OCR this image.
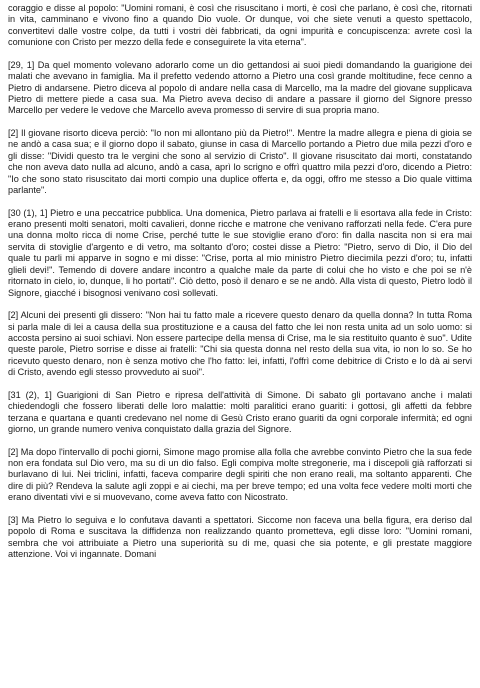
coraggio e disse al popolo: "Uomini romani, è così che risuscitano i morti, è così che parlano, è così che, ritornati in vita, camminano e vivono fino a quando Dio vuole. Or dunque, voi che siete venuti a questo spettacolo, convertitevi dalle vostre colpe, da tutti i vostri dèi fabbricati, da ogni impurità e concupiscenza: avrete così la comunione con Cristo per mezzo della fede e conseguirete la vita eterna".

[29, 1] Da quel momento volevano adorarlo come un dio gettandosi ai suoi piedi domandando la guarigione dei malati che avevano in famiglia. Ma il prefetto vedendo attorno a Pietro una così grande moltitudine, fece cenno a Pietro di andarsene. Pietro diceva al popolo di andare nella casa di Marcello, ma la madre del giovane supplicava Pietro di mettere piede a casa sua. Ma Pietro aveva deciso di andare a passare il giorno del Signore presso Marcello per vedere le vedove che Marcello aveva promesso di servire di sua propria mano.

[2] Il giovane risorto diceva perciò: "Io non mi allontano più da Pietro!". Mentre la madre allegra e piena di gioia se ne andò a casa sua; e il giorno dopo il sabato, giunse in casa di Marcello portando a Pietro due mila pezzi d'oro e gli disse: "Dividi questo tra le vergini che sono al servizio di Cristo". Il giovane risuscitato dai morti, constatando che non aveva dato nulla ad alcuno, andò a casa, aprì lo scrigno e offrì quattro mila pezzi d'oro, dicendo a Pietro: "Io che sono stato risuscitato dai morti compio una duplice offerta e, da oggi, offro me stesso a Dio quale vittima parlante".

[30 (1), 1] Pietro e una peccatrice pubblica. Una domenica, Pietro parlava ai fratelli e li esortava alla fede in Cristo: erano presenti molti senatori, molti cavalieri, donne ricche e matrone che venivano rafforzati nella fede. C'era pure una donna molto ricca di nome Crise, perché tutte le sue stoviglie erano d'oro: fin dalla nascita non si era mai servita di stoviglie d'argento e di vetro, ma soltanto d'oro; costei disse a Pietro: "Pietro, servo di Dio, il Dio del quale tu parli mi apparve in sogno e mi disse: "Crise, porta al mio ministro Pietro diecimila pezzi d'oro; tu, infatti glieli devi!". Temendo di dovere andare incontro a qualche male da parte di colui che ho visto e che poi se n'è ritornato in cielo, io, dunque, li ho portati". Ciò detto, posò il denaro e se ne andò. Alla vista di questo, Pietro lodò il Signore, giacché i bisognosi venivano così sollevati.

[2] Alcuni dei presenti gli dissero: "Non hai tu fatto male a ricevere questo denaro da quella donna? In tutta Roma si parla male di lei a causa della sua prostituzione e a causa del fatto che lei non resta unita ad un solo uomo: si accosta persino ai suoi schiavi. Non essere partecipe della mensa di Crise, ma le sia restituito quanto è suo". Udite queste parole, Pietro sorrise e disse ai fratelli: "Chi sia questa donna nel resto della sua vita, io non lo so. Se ho ricevuto questo denaro, non è senza motivo che l'ho fatto: lei, infatti, l'offrì come debitrice di Cristo e lo dà ai servi di Cristo, avendo egli stesso provveduto ai suoi".

[31 (2), 1] Guarigioni di San Pietro e ripresa dell'attività di Simone. Di sabato gli portavano anche i malati chiedendogli che fossero liberati delle loro malattie: molti paralitici erano guariti: i gottosi, gli affetti da febbre terzana e quartana e quanti credevano nel nome di Gesù Cristo erano guariti da ogni corporale infermità; ed ogni giorno, un grande numero veniva conquistato dalla grazia del Signore.

[2] Ma dopo l'intervallo di pochi giorni, Simone mago promise alla folla che avrebbe convinto Pietro che la sua fede non era fondata sul Dio vero, ma su di un dio falso. Egli compiva molte stregonerie, ma i discepoli già rafforzati si burlavano di lui. Nei triclini, infatti, faceva comparire degli spiriti che non erano reali, ma soltanto apparenti. Che dire di più? Rendeva la salute agli zoppi e ai ciechi, ma per breve tempo; ed una volta fece vedere molti morti che erano diventati vivi e si muovevano, come aveva fatto con Nicostrato.

[3] Ma Pietro lo seguiva e lo confutava davanti a spettatori. Siccome non faceva una bella figura, era deriso dal popolo di Roma e suscitava la diffidenza non realizzando quanto prometteva, egli disse loro: "Uomini romani, sembra che voi attribuiate a Pietro una superiorità su di me, quasi che sia potente, e gli prestate maggiore attenzione. Voi vi ingannate. Domani
